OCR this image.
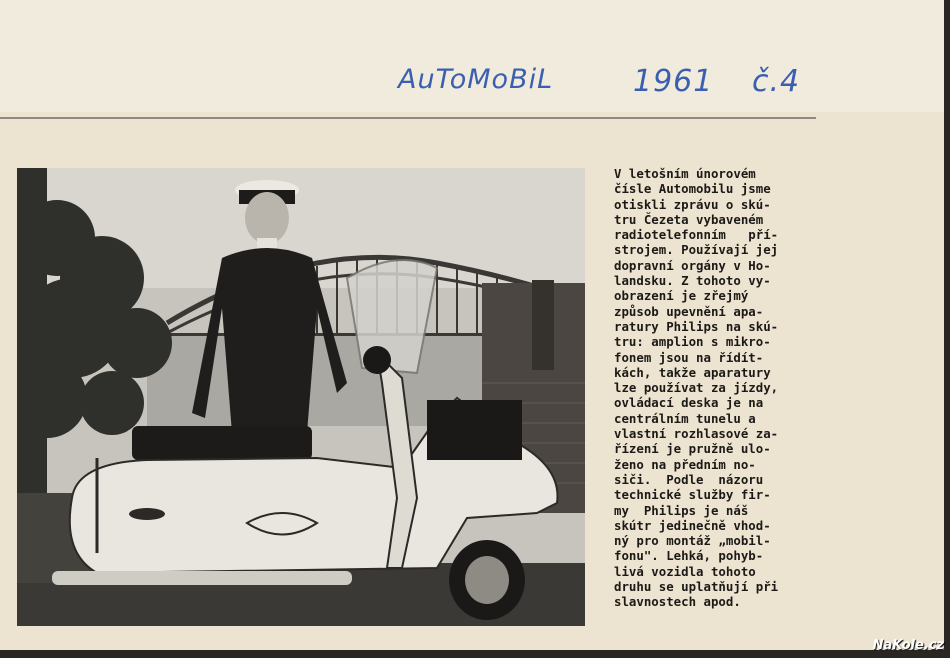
AuToMoBiL	1961 č.4

V letošním únorovém

čísle Automobilu jsme

otiskli zprávu o skú-

tru Čezeta vybaveném

radiotelefonním   pří-

strojem. Používají jej

dopravní orgány v Ho-

landsku. Z tohoto vy-

obrazení je zřejmý

způsob upevnění apa-

ratury Philips na skú-

tru: amplion s mikro-

fonem jsou na řídít-

kách, takže aparatury

lze používat za jízdy,

ovládací deska je na

centrálním tunelu a

vlastní rozhlasové za-

řízení je pružně ulo-

ženo na předním no-

siči.  Podle  názoru

technické služby fir-

my  Philips je náš

skútr jedinečně vhod-

ný pro montáž „mobil-

fonu". Lehká, pohyb-

livá vozidla tohoto

druhu se uplatňují při

slavnostech apod.

NaKole.cz
